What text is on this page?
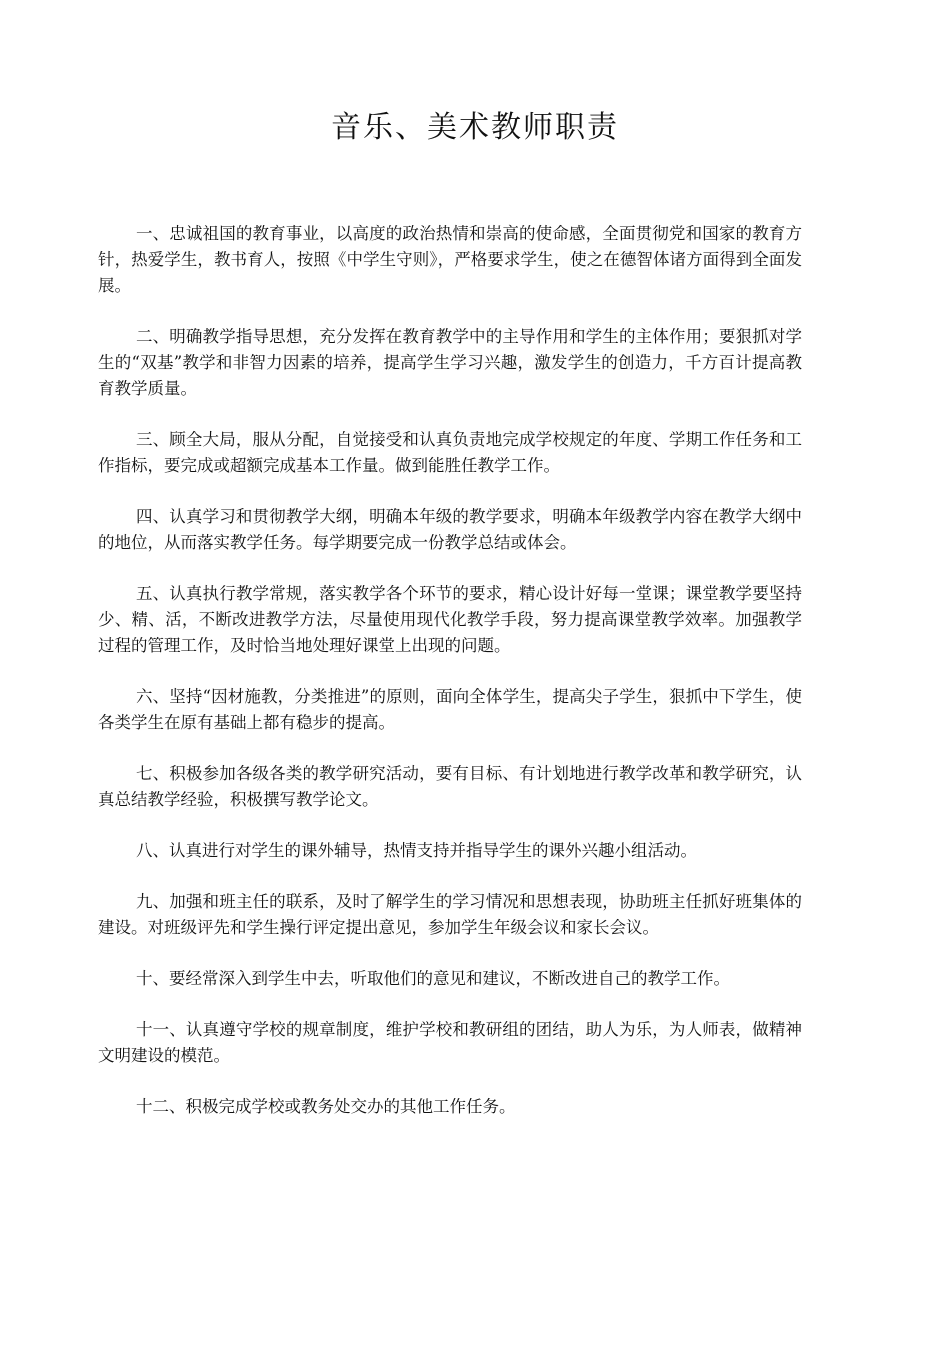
音乐、美术教师职责

一、忠诚祖国的教育事业，以高度的政治热情和崇高的使命感，全面贯彻党和国家的教育方针，热爱学生，教书育人，按照《中学生守则》，严格要求学生，使之在德智体诸方面得到全面发展。

二、明确教学指导思想，充分发挥在教育教学中的主导作用和学生的主体作用；要狠抓对学生的“双基”教学和非智力因素的培养，提高学生学习兴趣，激发学生的创造力，千方百计提高教育教学质量。

三、顾全大局，服从分配，自觉接受和认真负责地完成学校规定的年度、学期工作任务和工作指标，要完成或超额完成基本工作量。做到能胜任教学工作。

四、认真学习和贯彻教学大纲，明确本年级的教学要求，明确本年级教学内容在教学大纲中的地位，从而落实教学任务。每学期要完成一份教学总结或体会。

五、认真执行教学常规，落实教学各个环节的要求，精心设计好每一堂课；课堂教学要坚持少、精、活，不断改进教学方法，尽量使用现代化教学手段，努力提高课堂教学效率。加强教学过程的管理工作，及时恰当地处理好课堂上出现的问题。

六、坚持“因材施教，分类推进”的原则，面向全体学生，提高尖子学生，狠抓中下学生，使各类学生在原有基础上都有稳步的提高。

七、积极参加各级各类的教学研究活动，要有目标、有计划地进行教学改革和教学研究，认真总结教学经验，积极撰写教学论文。

八、认真进行对学生的课外辅导，热情支持并指导学生的课外兴趣小组活动。

九、加强和班主任的联系，及时了解学生的学习情况和思想表现，协助班主任抓好班集体的建设。对班级评先和学生操行评定提出意见，参加学生年级会议和家长会议。

十、要经常深入到学生中去，听取他们的意见和建议，不断改进自己的教学工作。

十一、认真遵守学校的规章制度，维护学校和教研组的团结，助人为乐，为人师表，做精神文明建设的模范。

十二、积极完成学校或教务处交办的其他工作任务。
